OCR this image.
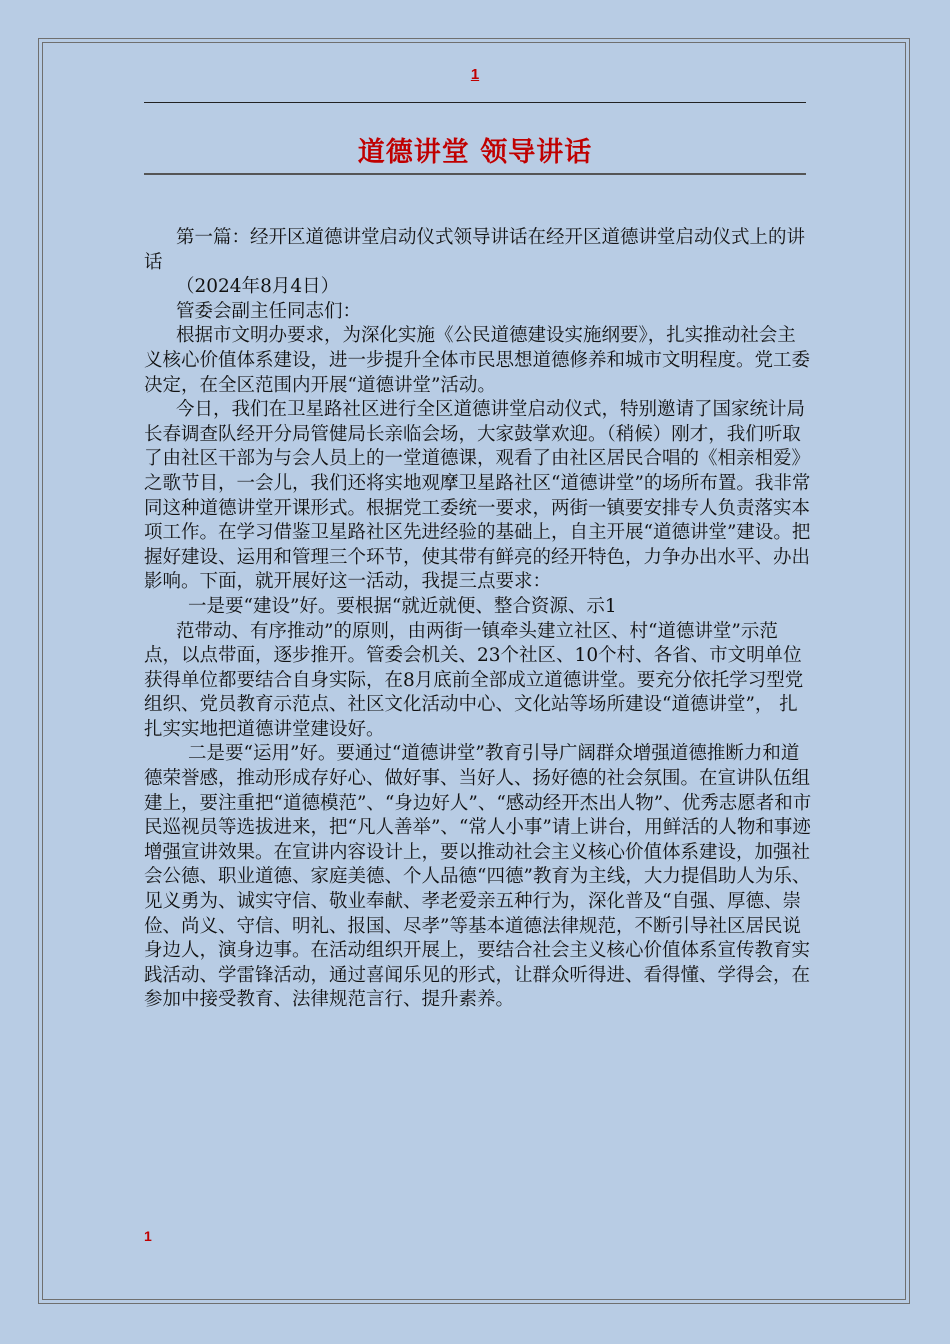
1
道德讲堂 领导讲话

第一篇：经开区道德讲堂启动仪式领导讲话在经开区道德讲堂启动仪式上的讲话

（2024年8月4日）

管委会副主任同志们：

根据市文明办要求，为深化实施《公民道德建设实施纲要》，扎实推动社会主义核心价值体系建设，进一步提升全体市民思想道德修养和城市文明程度。党工委决定，在全区范围内开展“道德讲堂”活动。

今日，我们在卫星路社区进行全区道德讲堂启动仪式，特别邀请了国家统计局长春调查队经开分局管健局长亲临会场，大家鼓掌欢迎。（稍候）刚才，我们听取了由社区干部为与会人员上的一堂道德课，观看了由社区居民合唱的《相亲相爱》之歌节目，一会儿，我们还将实地观摩卫星路社区“道德讲堂”的场所布置。我非常同这种道德讲堂开课形式。根据党工委统一要求，两街一镇要安排专人负责落实本项工作。在学习借鉴卫星路社区先进经验的基础上，自主开展“道德讲堂”建设。把握好建设、运用和管理三个环节，使其带有鲜亮的经开特色，力争办出水平、办出影响。下面，就开展好这一活动，我提三点要求：

一是要“建设”好。要根据“就近就便、整合资源、示1

范带动、有序推动”的原则，由两街一镇牵头建立社区、村“道德讲堂”示范点，以点带面，逐步推开。管委会机关、23个社区、10个村、各省、市文明单位获得单位都要结合自身实际，在8月底前全部成立道德讲堂。要充分依托学习型党组织、党员教育示范点、社区文化活动中心、文化站等场所建设“道德讲堂”， 扎扎实实地把道德讲堂建设好。

二是要“运用”好。要通过“道德讲堂”教育引导广阔群众增强道德推断力和道德荣誉感，推动形成存好心、做好事、当好人、扬好德的社会氛围。在宣讲队伍组建上，要注重把“道德模范”、“身边好人”、“感动经开杰出人物”、优秀志愿者和市民巡视员等选拔进来，把“凡人善举”、“常人小事”请上讲台，用鲜活的人物和事迹增强宣讲效果。在宣讲内容设计上，要以推动社会主义核心价值体系建设，加强社会公德、职业道德、家庭美德、个人品德“四德”教育为主线，大力提倡助人为乐、见义勇为、诚实守信、敬业奉献、孝老爱亲五种行为，深化普及“自强、厚德、崇俭、尚义、守信、明礼、报国、尽孝”等基本道德法律规范，不断引导社区居民说身边人，演身边事。在活动组织开展上，要结合社会主义核心价值体系宣传教育实践活动、学雷锋活动，通过喜闻乐见的形式，让群众听得进、看得懂、学得会，在参加中接受教育、法律规范言行、提升素养。

1
